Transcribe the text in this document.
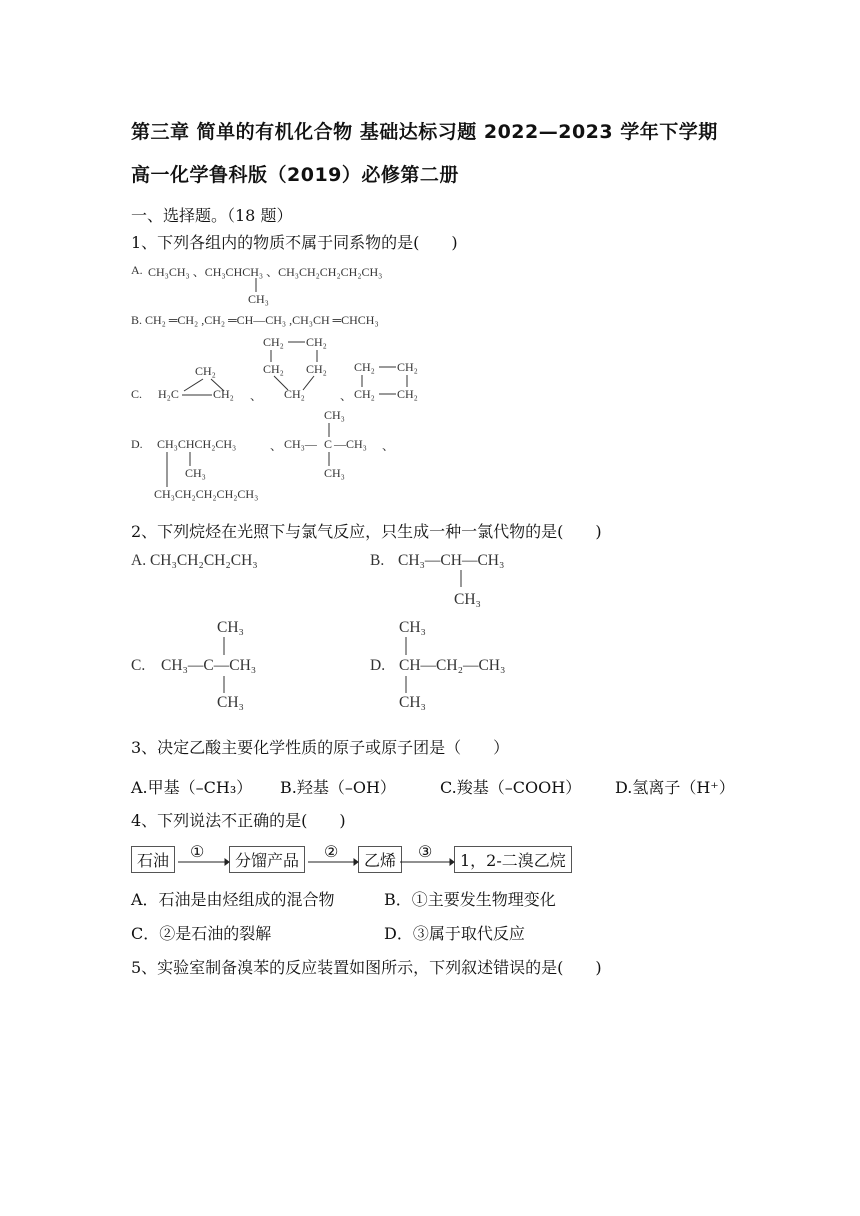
第三章 简单的有机化合物 基础达标习题 2022—2023 学年下学期
高一化学鲁科版（2019）必修第二册
一、选择题。（18 题）
1、下列各组内的物质不属于同系物的是(　　)
A. CH₃CH₃ 、CH₃CHCH₃ 、CH₃CH₂CH₂CH₂CH₃
CH₃
B. CH₂ ═CH₂ ,CH₂ ═CH—CH₃ ,CH₃CH ═CHCH₃
C.
CH₂
H₂C	CH₂ 、
CH₂ CH₂
CH₂ CH₂
CH₂	、
CH₂ CH₂
CH₂ CH₂
D. CH₃CHCH₂CH₃
CH₃
、
CH₃
CH₃— C —CH₃
CH₃
、
CH₃CH₂CH₂CH₂CH₃
2、下列烷烃在光照下与氯气反应，只生成一种一氯代物的是(　　)
A. CH₃CH₂CH₂CH₃	B. CH₃—CH—CH₃
CH₃
C.
CH₃
CH₃—C—CH₃
CH₃
D.
CH₃
CH—CH₂—CH₃
CH₃
3、决定乙酸主要化学性质的原子或原子团是（　　）
A.甲基（–CH₃） B.羟基（–OH）	C.羧基（–COOH） D.氢离子（H⁺）
4、下列说法不正确的是(　　)
石油	①	分馏产品	②	乙烯	③	1，2-二溴乙烷
A．石油是由烃组成的混合物	B．①主要发生物理变化
C．②是石油的裂解	D．③属于取代反应
5、实验室制备溴苯的反应装置如图所示，下列叙述错误的是(　　)
